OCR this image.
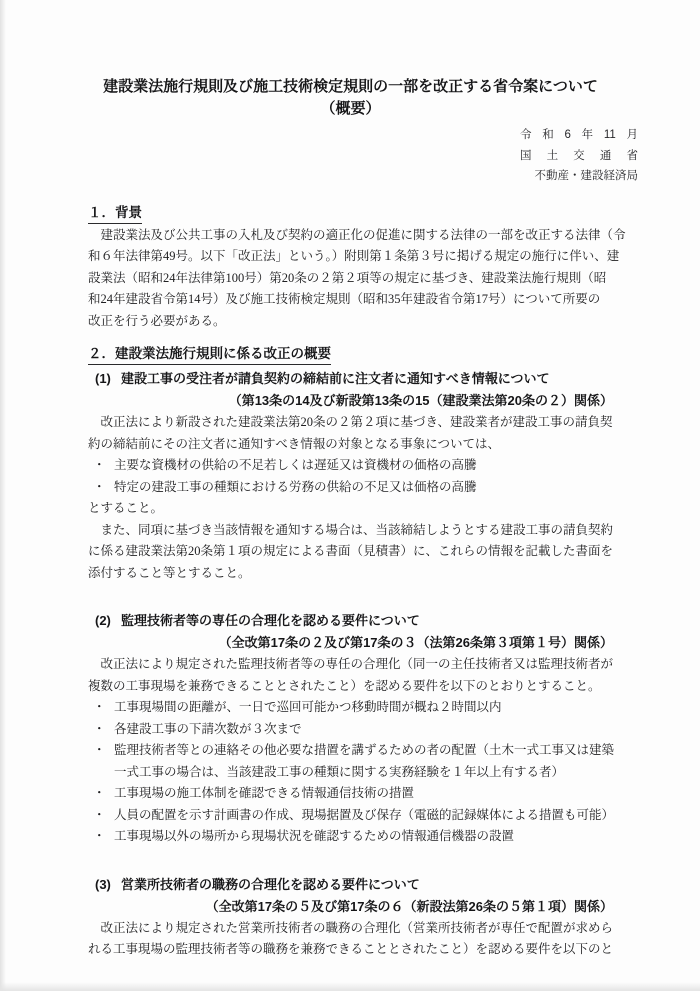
建設業法施行規則及び施工技術検定規則の一部を改正する省令案について
（概要）
令和6年11月
国土交通省
不動産・建設経済局
１．背景
　建設業法及び公共工事の入札及び契約の適正化の促進に関する法律の一部を改正する法律（令
和６年法律第49号。以下「改正法」という。）附則第１条第３号に掲げる規定の施行に伴い、建
設業法（昭和24年法律第100号）第20条の２第２項等の規定に基づき、建設業法施行規則（昭
和24年建設省令第14号）及び施工技術検定規則（昭和35年建設省令第17号）について所要の
改正を行う必要がある。
２．建設業法施行規則に係る改正の概要
(1) 建設工事の受注者が請負契約の締結前に注文者に通知すべき情報について
（第13条の14及び新設第13条の15（建設業法第20条の２）関係）
　改正法により新設された建設業法第20条の２第２項に基づき、建設業者が建設工事の請負契
約の締結前にその注文者に通知すべき情報の対象となる事象については、
・ 主要な資機材の供給の不足若しくは遅延又は資機材の価格の高騰
・ 特定の建設工事の種類における労務の供給の不足又は価格の高騰
とすること。
　また、同項に基づき当該情報を通知する場合は、当該締結しようとする建設工事の請負契約
に係る建設業法第20条第１項の規定による書面（見積書）に、これらの情報を記載した書面を
添付すること等とすること。
(2) 監理技術者等の専任の合理化を認める要件について
（全改第17条の２及び第17条の３（法第26条第３項第１号）関係）
　改正法により規定された監理技術者等の専任の合理化（同一の主任技術者又は監理技術者が
複数の工事現場を兼務できることとされたこと）を認める要件を以下のとおりとすること。
・ 工事現場間の距離が、一日で巡回可能かつ移動時間が概ね２時間以内
・ 各建設工事の下請次数が３次まで
・ 監理技術者等との連絡その他必要な措置を講ずるための者の配置（土木一式工事又は建築
一式工事の場合は、当該建設工事の種類に関する実務経験を１年以上有する者）
・ 工事現場の施工体制を確認できる情報通信技術の措置
・ 人員の配置を示す計画書の作成、現場据置及び保存（電磁的記録媒体による措置も可能）
・ 工事現場以外の場所から現場状況を確認するための情報通信機器の設置
(3) 営業所技術者の職務の合理化を認める要件について
（全改第17条の５及び第17条の６（新設法第26条の５第１項）関係）
　改正法により規定された営業所技術者の職務の合理化（営業所技術者が専任で配置が求めら
れる工事現場の監理技術者等の職務を兼務できることとされたこと）を認める要件を以下のと
